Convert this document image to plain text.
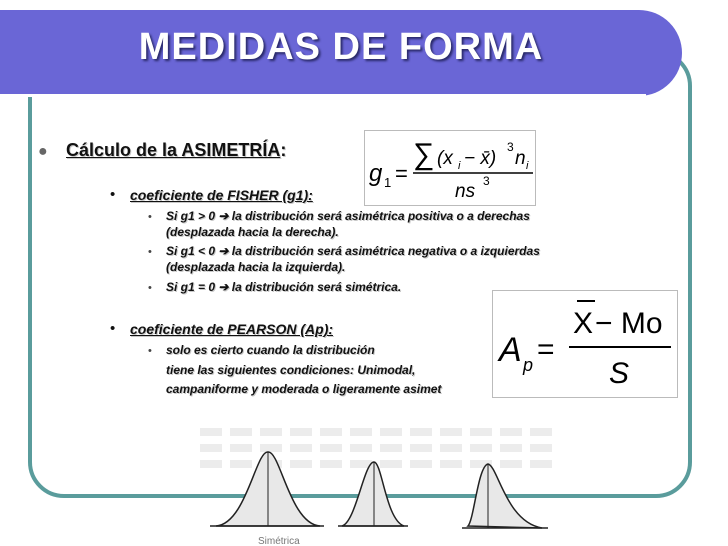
MEDIDAS DE FORMA
● Cálculo de la ASIMETRÍA:
g 1 =
∑ (x i − x̄)
3
n i
ns 3
• coeficiente de FISHER (g1):
• Si g1 > 0 ➔ la distribución será asimétrica positiva o a derechas
(desplazada hacia la derecha).
• Si g1 < 0 ➔ la distribución será asimétrica negativa o a izquierdas
(desplazada hacia la izquierda).
• Si g1 = 0 ➔ la distribución será simétrica.
• coeficiente de PEARSON (Ap):
• solo es cierto cuando la distribución
tiene las siguientes condiciones: Unimodal,
campaniforme y moderada o ligeramente asimet
A p =
X − Mo
S
Simétrica
